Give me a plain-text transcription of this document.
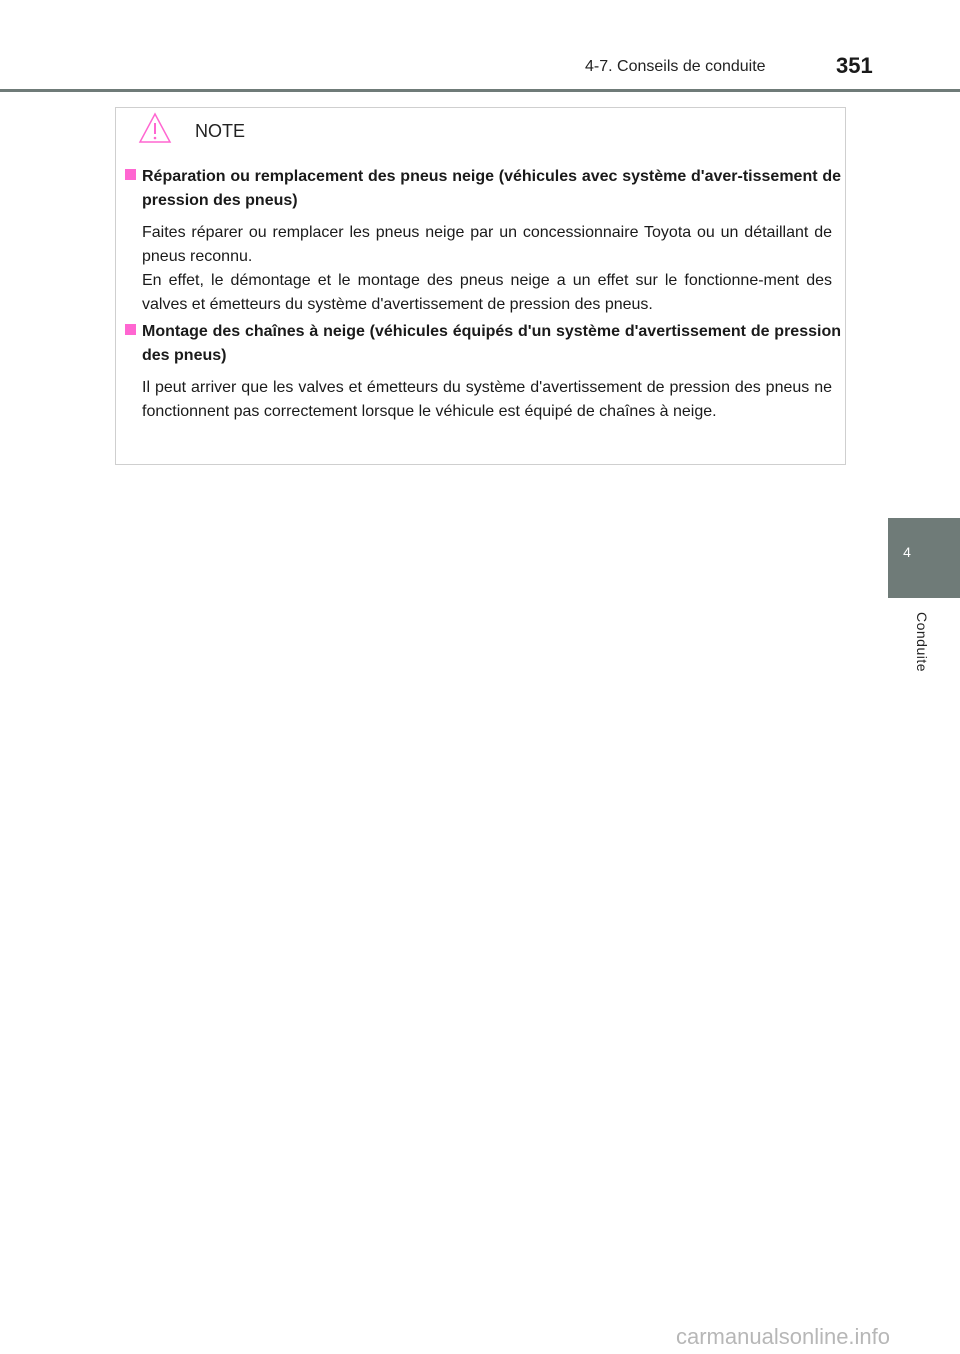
4-7. Conseils de conduite	351
NOTE
Réparation ou remplacement des pneus neige (véhicules avec système d'aver-tissement de pression des pneus)

Faites réparer ou remplacer les pneus neige par un concessionnaire Toyota ou un détaillant de pneus reconnu.

En effet, le démontage et le montage des pneus neige a un effet sur le fonctionne-ment des valves et émetteurs du système d'avertissement de pression des pneus.

Montage des chaînes à neige (véhicules équipés d'un système d'avertissement de pression des pneus)

Il peut arriver que les valves et émetteurs du système d'avertissement de pression des pneus ne fonctionnent pas correctement lorsque le véhicule est équipé de chaînes à neige.

4
Conduite
carmanualsonline.info
